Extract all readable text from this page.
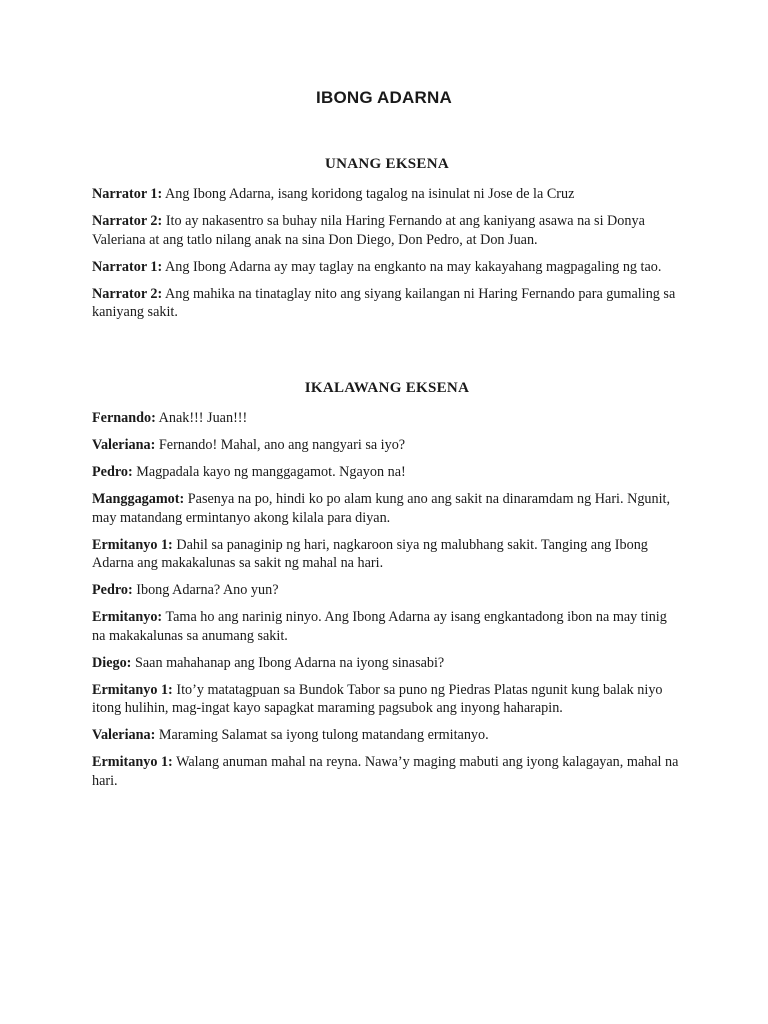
IBONG ADARNA
UNANG EKSENA

Narrator 1: Ang Ibong Adarna, isang koridong tagalog na isinulat ni Jose de la Cruz

Narrator 2: Ito ay nakasentro sa buhay nila Haring Fernando at ang kaniyang asawa na si Donya Valeriana at ang tatlo nilang anak na sina Don Diego, Don Pedro, at Don Juan.

Narrator 1: Ang Ibong Adarna ay may taglay na engkanto na may kakayahang magpagaling ng tao.

Narrator 2: Ang mahika na tinataglay nito ang siyang kailangan ni Haring Fernando para gumaling sa kaniyang sakit.

IKALAWANG EKSENA

Fernando: Anak!!! Juan!!!

Valeriana: Fernando! Mahal, ano ang nangyari sa iyo?

Pedro: Magpadala kayo ng manggagamot. Ngayon na!

Manggagamot: Pasenya na po, hindi ko po alam kung ano ang sakit na dinaramdam ng Hari. Ngunit, may matandang ermintanyo akong kilala para diyan.

Ermitanyo 1: Dahil sa panaginip ng hari, nagkaroon siya ng malubhang sakit. Tanging ang Ibong Adarna ang makakalunas sa sakit ng mahal na hari.

Pedro: Ibong Adarna? Ano yun?

Ermitanyo: Tama ho ang narinig ninyo. Ang Ibong Adarna ay isang engkantadong ibon na may tinig na makakalunas sa anumang sakit.

Diego: Saan mahahanap ang Ibong Adarna na iyong sinasabi?

Ermitanyo 1: Ito’y matatagpuan sa Bundok Tabor sa puno ng Piedras Platas ngunit kung balak niyo itong hulihin, mag-ingat kayo sapagkat maraming pagsubok ang inyong haharapin.

Valeriana: Maraming Salamat sa iyong tulong matandang ermitanyo.

Ermitanyo 1: Walang anuman mahal na reyna. Nawa’y maging mabuti ang iyong kalagayan, mahal na hari.
